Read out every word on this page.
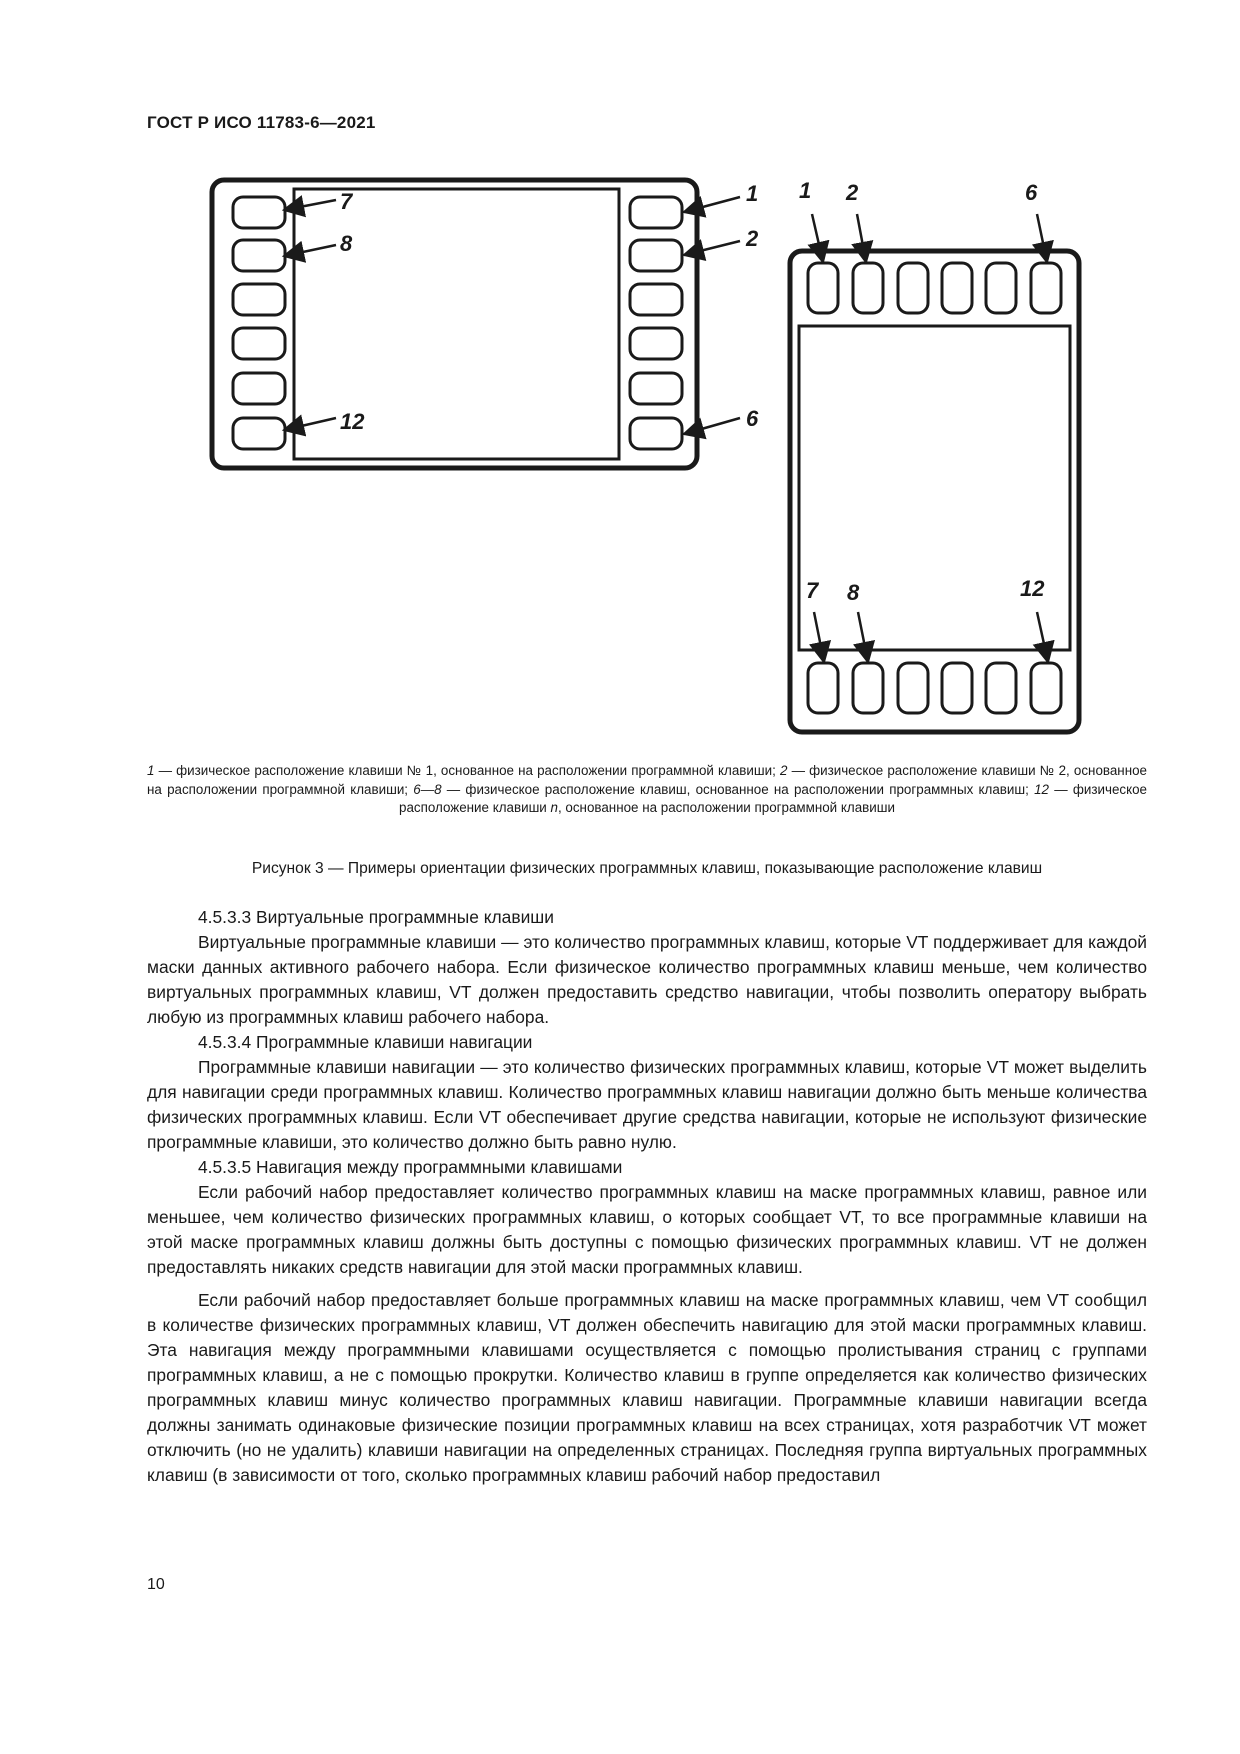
ГОСТ Р ИСО 11783-6—2021
7
8
12
1
2
6
1 2	6
7 8	12
1 — физическое расположение клавиши № 1, основанное на расположении программной клавиши; 2 — физическое расположение клавиши № 2, основанное на расположении программной клавиши; 6—8 — физическое расположение клавиш, основанное на расположении программных клавиш; 12 — физическое расположение клавиши n, основанное на расположении программной клавиши
Рисунок 3 — Примеры ориентации физических программных клавиш, показывающие расположение клавиш

4.5.3.3 Виртуальные программные клавиши

Виртуальные программные клавиши — это количество программных клавиш, которые VT поддерживает для каждой маски данных активного рабочего набора. Если физическое количество программных клавиш меньше, чем количество виртуальных программных клавиш, VT должен предоставить средство навигации, чтобы позволить оператору выбрать любую из программных клавиш рабочего набора.

4.5.3.4 Программные клавиши навигации

Программные клавиши навигации — это количество физических программных клавиш, которые VT может выделить для навигации среди программных клавиш. Количество программных клавиш навигации должно быть меньше количества физических программных клавиш. Если VT обеспечивает другие средства навигации, которые не используют физические программные клавиши, это количество должно быть равно нулю.

4.5.3.5 Навигация между программными клавишами

Если рабочий набор предоставляет количество программных клавиш на маске программных клавиш, равное или меньшее, чем количество физических программных клавиш, о которых сообщает VT, то все программные клавиши на этой маске программных клавиш должны быть доступны с помощью физических программных клавиш. VT не должен предоставлять никаких средств навигации для этой маски программных клавиш.

Если рабочий набор предоставляет больше программных клавиш на маске программных клавиш, чем VT сообщил в количестве физических программных клавиш, VT должен обеспечить навигацию для этой маски программных клавиш. Эта навигация между программными клавишами осуществляется с помощью пролистывания страниц с группами программных клавиш, а не с помощью прокрутки. Количество клавиш в группе определяется как количество физических программных клавиш минус количество программных клавиш навигации. Программные клавиши навигации всегда должны занимать одинаковые физические позиции программных клавиш на всех страницах, хотя разработчик VT может отключить (но не удалить) клавиши навигации на определенных страницах. Последняя группа виртуальных программных клавиш (в зависимости от того, сколько программных клавиш рабочий набор предоставил

10
